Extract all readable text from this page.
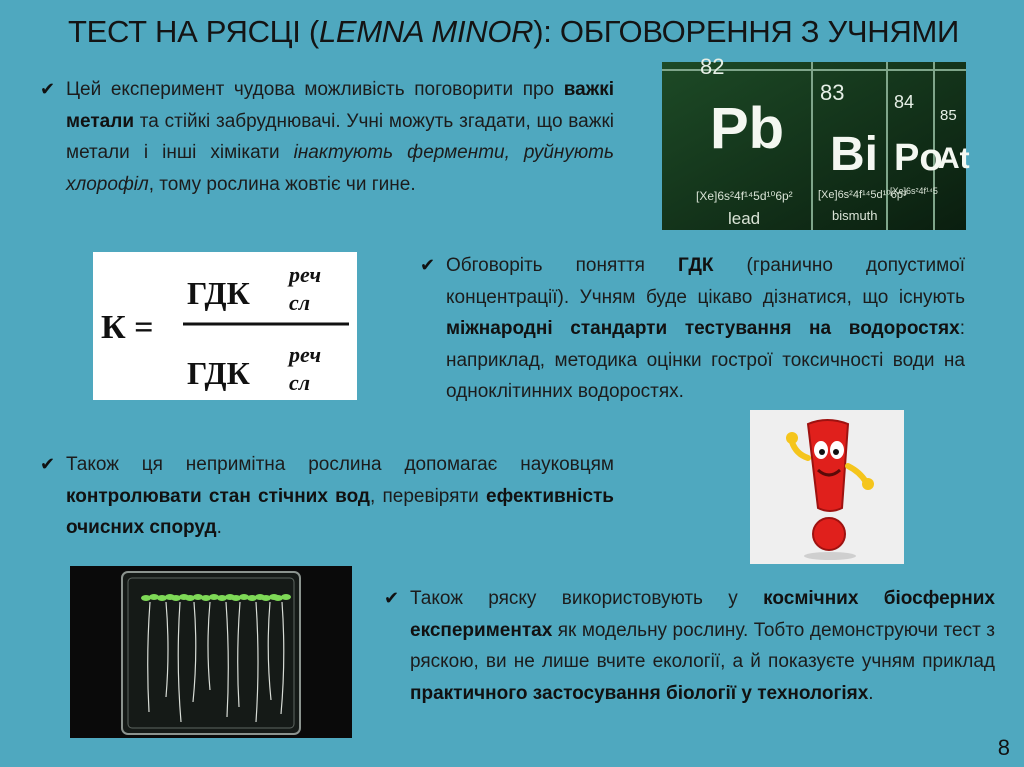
ТЕСТ НА РЯСЦІ (LEMNA MINOR): ОБГОВОРЕННЯ З УЧНЯМИ
✔ Цей експеримент чудова можливість поговорити про важкі метали та стійкі забруднювачі. Учні можуть згадати, що важкі метали і інші хімікати інактують ферменти, руйнують хлорофіл, тому рослина жовтіє чи гине.
82
Pb
[Xe]6s²4f¹⁴5d¹⁰6p²
lead
83
Bi
[Xe]6s²4f¹⁴5d¹⁰6p³
bismuth
84
Po
[Xe]6s²4f¹⁴5
85
At
К =
ГДК
реч
сл
ГДК
реч
сл
✔ Обговоріть поняття ГДК (гранично допустимої концентрації). Учням буде цікаво дізнатися, що існують міжнародні стандарти тестування на водоростях: наприклад, методика оцінки гострої токсичності води на одноклітинних водоростях.
✔ Також ця непримітна рослина допомагає науковцям контролювати стан стічних вод, перевіряти ефективність очисних споруд.
✔ Також ряску використовують у космічних біосферних експериментах як модельну рослину. Тобто демонструючи тест з ряскою, ви не лише вчите екології, а й показуєте учням приклад практичного застосування біології у технологіях.
8
